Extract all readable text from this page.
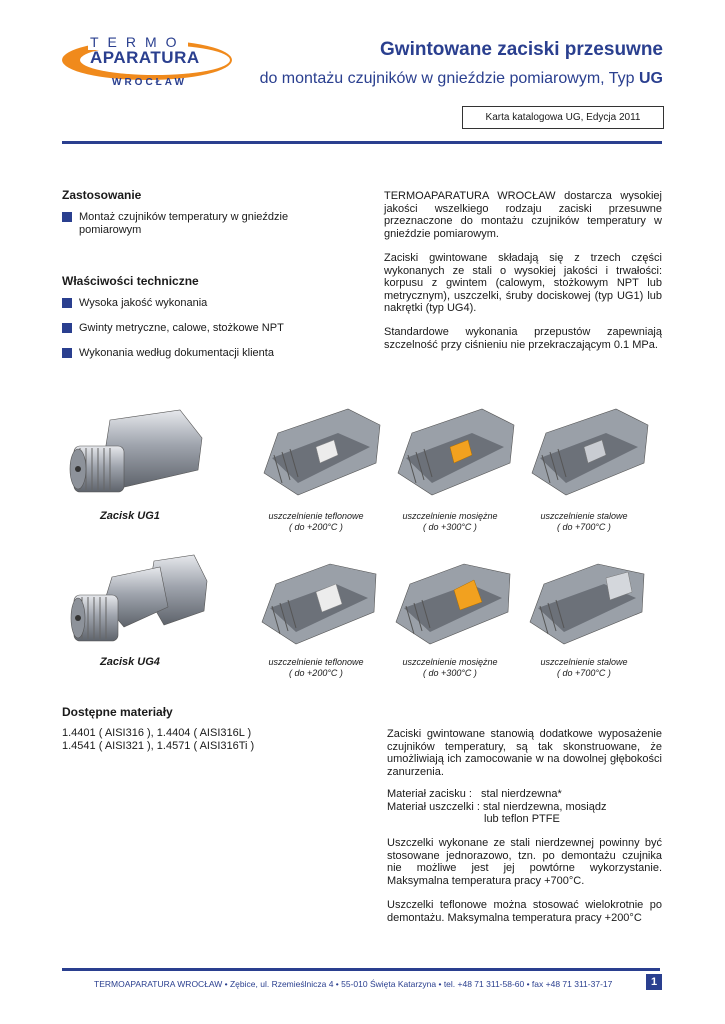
TERMO
APARATURA
WROCŁAW
Gwintowane zaciski przesuwne
do montażu czujników w gnieździe pomiarowym, Typ UG
Karta katalogowa UG, Edycja 2011
Zastosowanie
Montaż czujników temperatury w gnieździe pomiarowym
Właściwości techniczne
Wysoka jakość wykonania
Gwinty metryczne, calowe, stożkowe NPT
Wykonania według dokumentacji klienta
TERMOAPARATURA WROCŁAW dostarcza wysokiej jakości wszelkiego rodzaju zaciski przesuwne przeznaczone do montażu czujników temperatury w gnieździe pomiarowym.
Zaciski gwintowane składają się z trzech części wykonanych ze stali o wysokiej jakości i trwałości: korpusu z gwintem (calowym, stożkowym NPT lub metrycznym), uszczelki, śruby dociskowej (typ UG1) lub nakrętki (typ UG4).
Standardowe wykonania przepustów zapewniają szczelność przy ciśnieniu nie przekraczającym 0.1 MPa.
Zacisk UG1	uszczelnienie teflonowe
( do +200°C )
uszczelnienie mosiężne
( do +300°C )
uszczelnienie stalowe
( do +700°C )
Zacisk UG4	uszczelnienie teflonowe
( do +200°C )
uszczelnienie mosiężne
( do +300°C )
uszczelnienie stalowe
( do +700°C )
Dostępne materiały
1.4401 ( AISI316 ), 1.4404 ( AISI316L )
1.4541 ( AISI321 ), 1.4571 ( AISI316Ti )
Zaciski gwintowane stanowią dodatkowe wyposażenie czujników temperatury, są tak skonstruowane, że umożliwiają ich zamocowanie w na dowolnej głębokości zanurzenia.
Materiał zacisku : stal nierdzewna*
Materiał uszczelki : stal nierdzewna, mosiądz
lub teflon PTFE
Uszczelki wykonane ze stali nierdzewnej powinny być stosowane jednorazowo, tzn. po demontażu czujnika nie możliwe jest jej powtórne wykorzystanie. Maksymalna temperatura pracy +700°C.
Uszczelki teflonowe można stosować wielokrotnie po demontażu. Maksymalna temperatura pracy +200°C
TERMOAPARATURA WROCŁAW • Zębice, ul. Rzemieślnicza 4 • 55-010 Święta Katarzyna • tel. +48 71 311-58-60 • fax +48 71 311-37-17	1
